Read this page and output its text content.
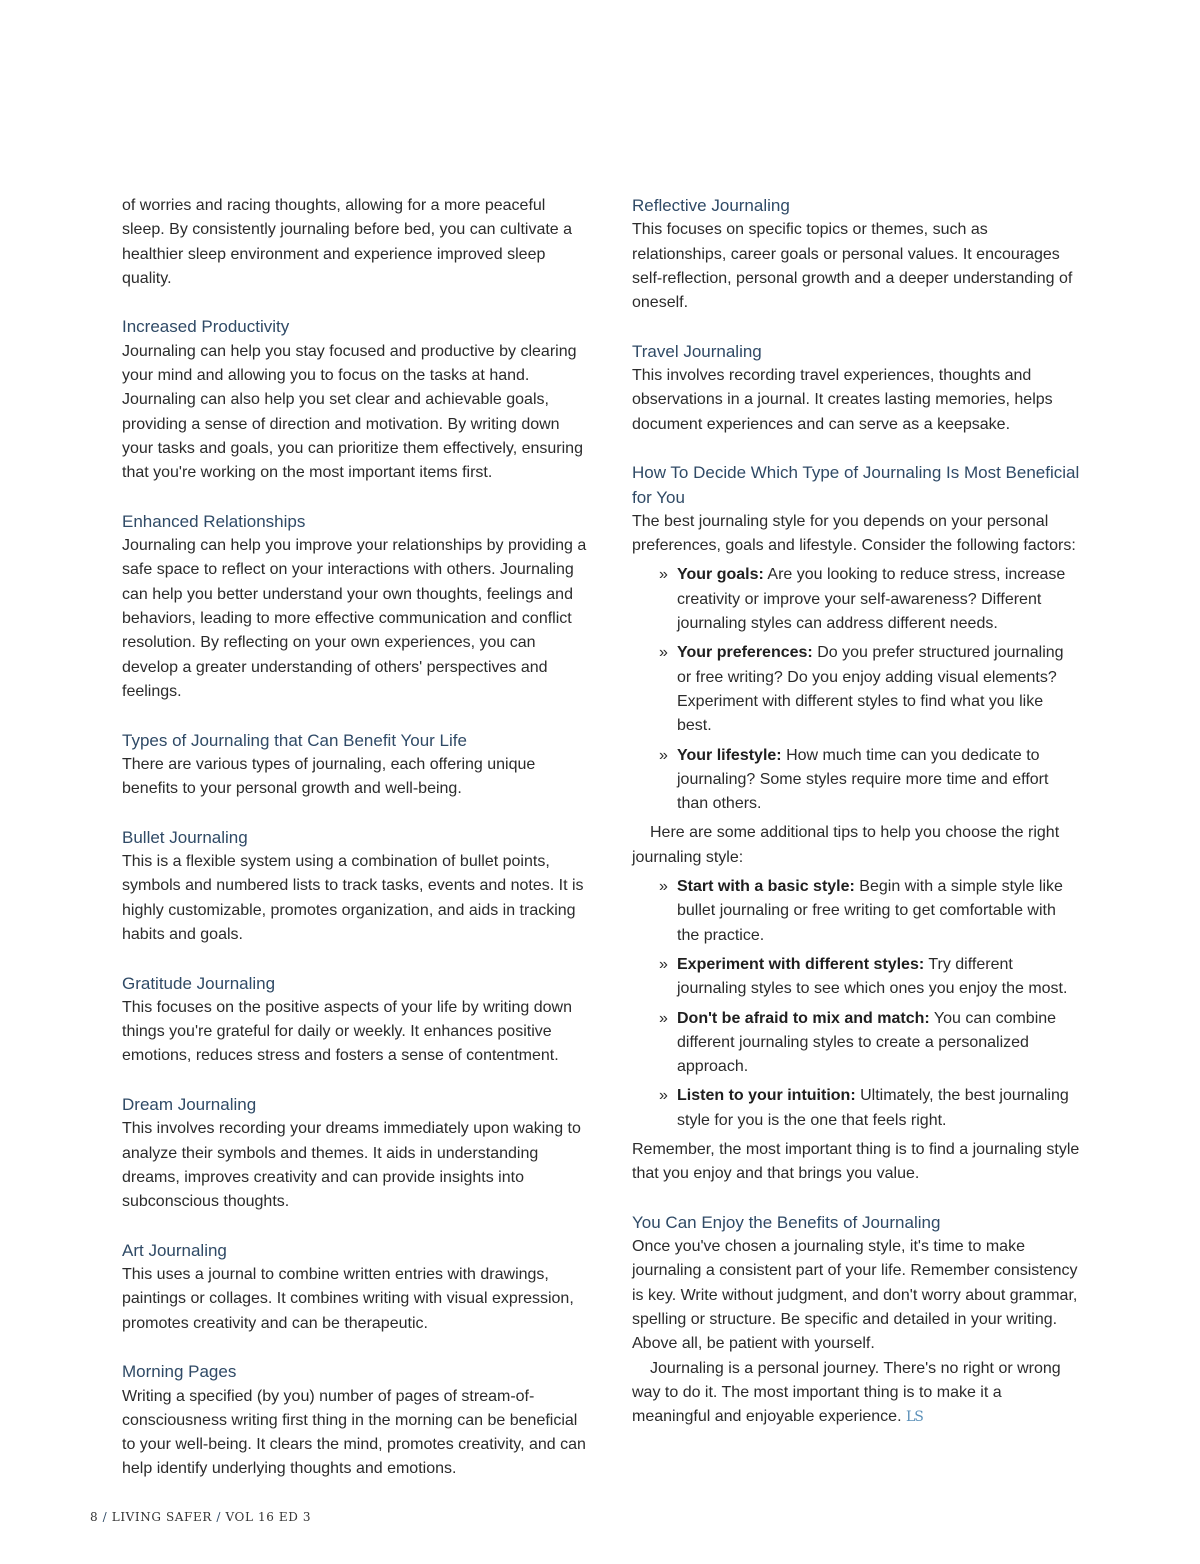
of worries and racing thoughts, allowing for a more peaceful sleep. By consistently journaling before bed, you can cultivate a healthier sleep environment and experience improved sleep quality.

Increased Productivity

Journaling can help you stay focused and productive by clearing your mind and allowing you to focus on the tasks at hand. Journaling can also help you set clear and achievable goals, providing a sense of direction and motivation. By writing down your tasks and goals, you can prioritize them effectively, ensuring that you're working on the most important items first.

Enhanced Relationships

Journaling can help you improve your relationships by providing a safe space to reflect on your interactions with others. Journaling can help you better understand your own thoughts, feelings and behaviors, leading to more effective communication and conflict resolution. By reflecting on your own experiences, you can develop a greater understanding of others' perspectives and feelings.

Types of Journaling that Can Benefit Your Life

There are various types of journaling, each offering unique benefits to your personal growth and well-being.

Bullet Journaling

This is a flexible system using a combination of bullet points, symbols and numbered lists to track tasks, events and notes. It is highly customizable, promotes organization, and aids in tracking habits and goals.

Gratitude Journaling

This focuses on the positive aspects of your life by writing down things you're grateful for daily or weekly. It enhances positive emotions, reduces stress and fosters a sense of contentment.

Dream Journaling

This involves recording your dreams immediately upon waking to analyze their symbols and themes. It aids in understanding dreams, improves creativity and can provide insights into subconscious thoughts.

Art Journaling

This uses a journal to combine written entries with drawings, paintings or collages. It combines writing with visual expression, promotes creativity and can be therapeutic.

Morning Pages

Writing a specified (by you) number of pages of stream-of-consciousness writing first thing in the morning can be beneficial to your well-being. It clears the mind, promotes creativity, and can help identify underlying thoughts and emotions.

Reflective Journaling

This focuses on specific topics or themes, such as relationships, career goals or personal values. It encourages self-reflection, personal growth and a deeper understanding of oneself.

Travel Journaling

This involves recording travel experiences, thoughts and observations in a journal. It creates lasting memories, helps document experiences and can serve as a keepsake.

How To Decide Which Type of Journaling Is Most Beneficial for You

The best journaling style for you depends on your personal preferences, goals and lifestyle. Consider the following factors:

» Your goals: Are you looking to reduce stress, increase creativity or improve your self-awareness? Different journaling styles can address different needs.
» Your preferences: Do you prefer structured journaling or free writing? Do you enjoy adding visual elements? Experiment with different styles to find what you like best.
» Your lifestyle: How much time can you dedicate to journaling? Some styles require more time and effort than others.

Here are some additional tips to help you choose the right journaling style:

» Start with a basic style: Begin with a simple style like bullet journaling or free writing to get comfortable with the practice.
» Experiment with different styles: Try different journaling styles to see which ones you enjoy the most.
» Don't be afraid to mix and match: You can combine different journaling styles to create a personalized approach.
» Listen to your intuition: Ultimately, the best journaling style for you is the one that feels right.

Remember, the most important thing is to find a journaling style that you enjoy and that brings you value.

You Can Enjoy the Benefits of Journaling

Once you've chosen a journaling style, it's time to make journaling a consistent part of your life. Remember consistency is key. Write without judgment, and don't worry about grammar, spelling or structure. Be specific and detailed in your writing. Above all, be patient with yourself.

Journaling is a personal journey. There's no right or wrong way to do it. The most important thing is to make it a meaningful and enjoyable experience. LS

8 / LIVING SAFER / VOL 16 ED 3
